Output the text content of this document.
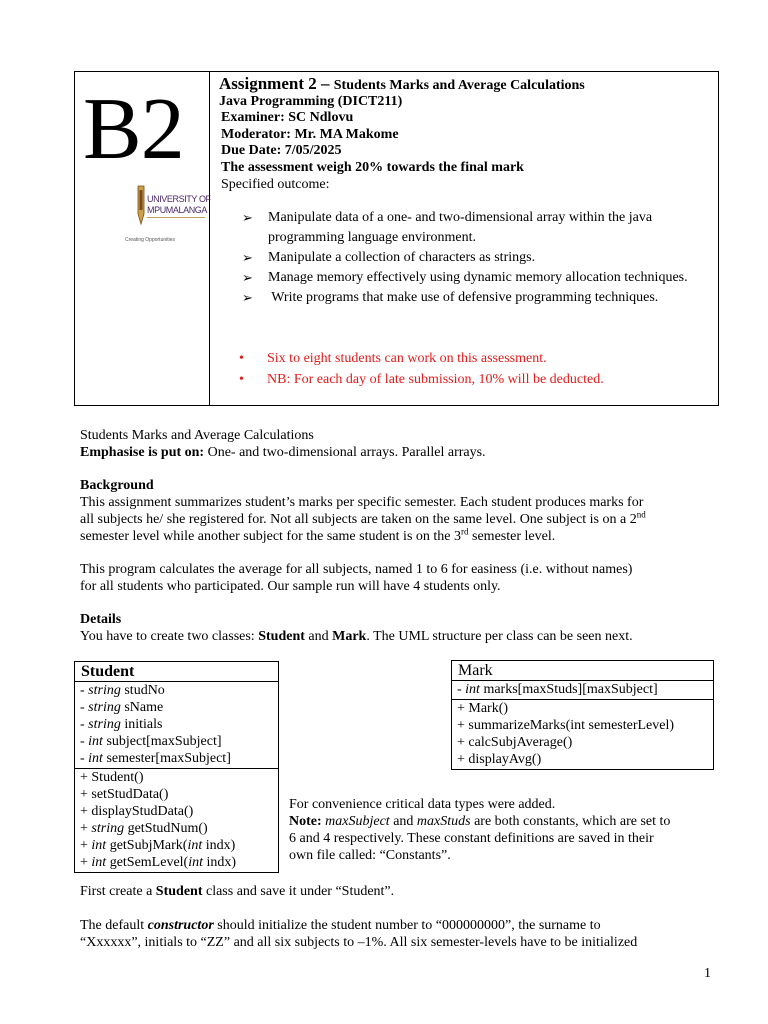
B2
UNIVERSITY OF
MPUMALANGA
Creating Opportunities
Assignment 2 – Students Marks and Average Calculations
Java Programming (DICT211)
Examiner: SC Ndlovu
Moderator: Mr. MA Makome
Due Date: 7/05/2025
The assessment weigh 20% towards the final mark
Specified outcome:
➢ Manipulate data of a one- and two-dimensional array within the java programming language environment.
➢ Manipulate a collection of characters as strings.
➢ Manage memory effectively using dynamic memory allocation techniques.
➢ Write programs that make use of defensive programming techniques.
• Six to eight students can work on this assessment.
• NB: For each day of late submission, 10% will be deducted.
Students Marks and Average Calculations
Emphasise is put on: One- and two-dimensional arrays. Parallel arrays.
Background
This assignment summarizes student’s marks per specific semester. Each student produces marks for
all subjects he/ she registered for. Not all subjects are taken on the same level. One subject is on a 2nd
semester level while another subject for the same student is on the 3rd semester level.
This program calculates the average for all subjects, named 1 to 6 for easiness (i.e. without names)
for all students who participated. Our sample run will have 4 students only.
Details
You have to create two classes: Student and Mark. The UML structure per class can be seen next.
Student
- string studNo
- string sName
- string initials
- int subject[maxSubject]
- int semester[maxSubject]
+ Student()
+ setStudData()
+ displayStudData()
+ string getStudNum()
+ int getSubjMark(int indx)
+ int getSemLevel(int indx)
Mark
- int marks[maxStuds][maxSubject]
+ Mark()
+ summarizeMarks(int semesterLevel)
+ calcSubjAverage()
+ displayAvg()
For convenience critical data types were added.
Note: maxSubject and maxStuds are both constants, which are set to
6 and 4 respectively. These constant definitions are saved in their
own file called: “Constants”.
First create a Student class and save it under “Student”.
The default constructor should initialize the student number to “000000000”, the surname to
“Xxxxxx”, initials to “ZZ” and all six subjects to –1%. All six semester-levels have to be initialized
1
